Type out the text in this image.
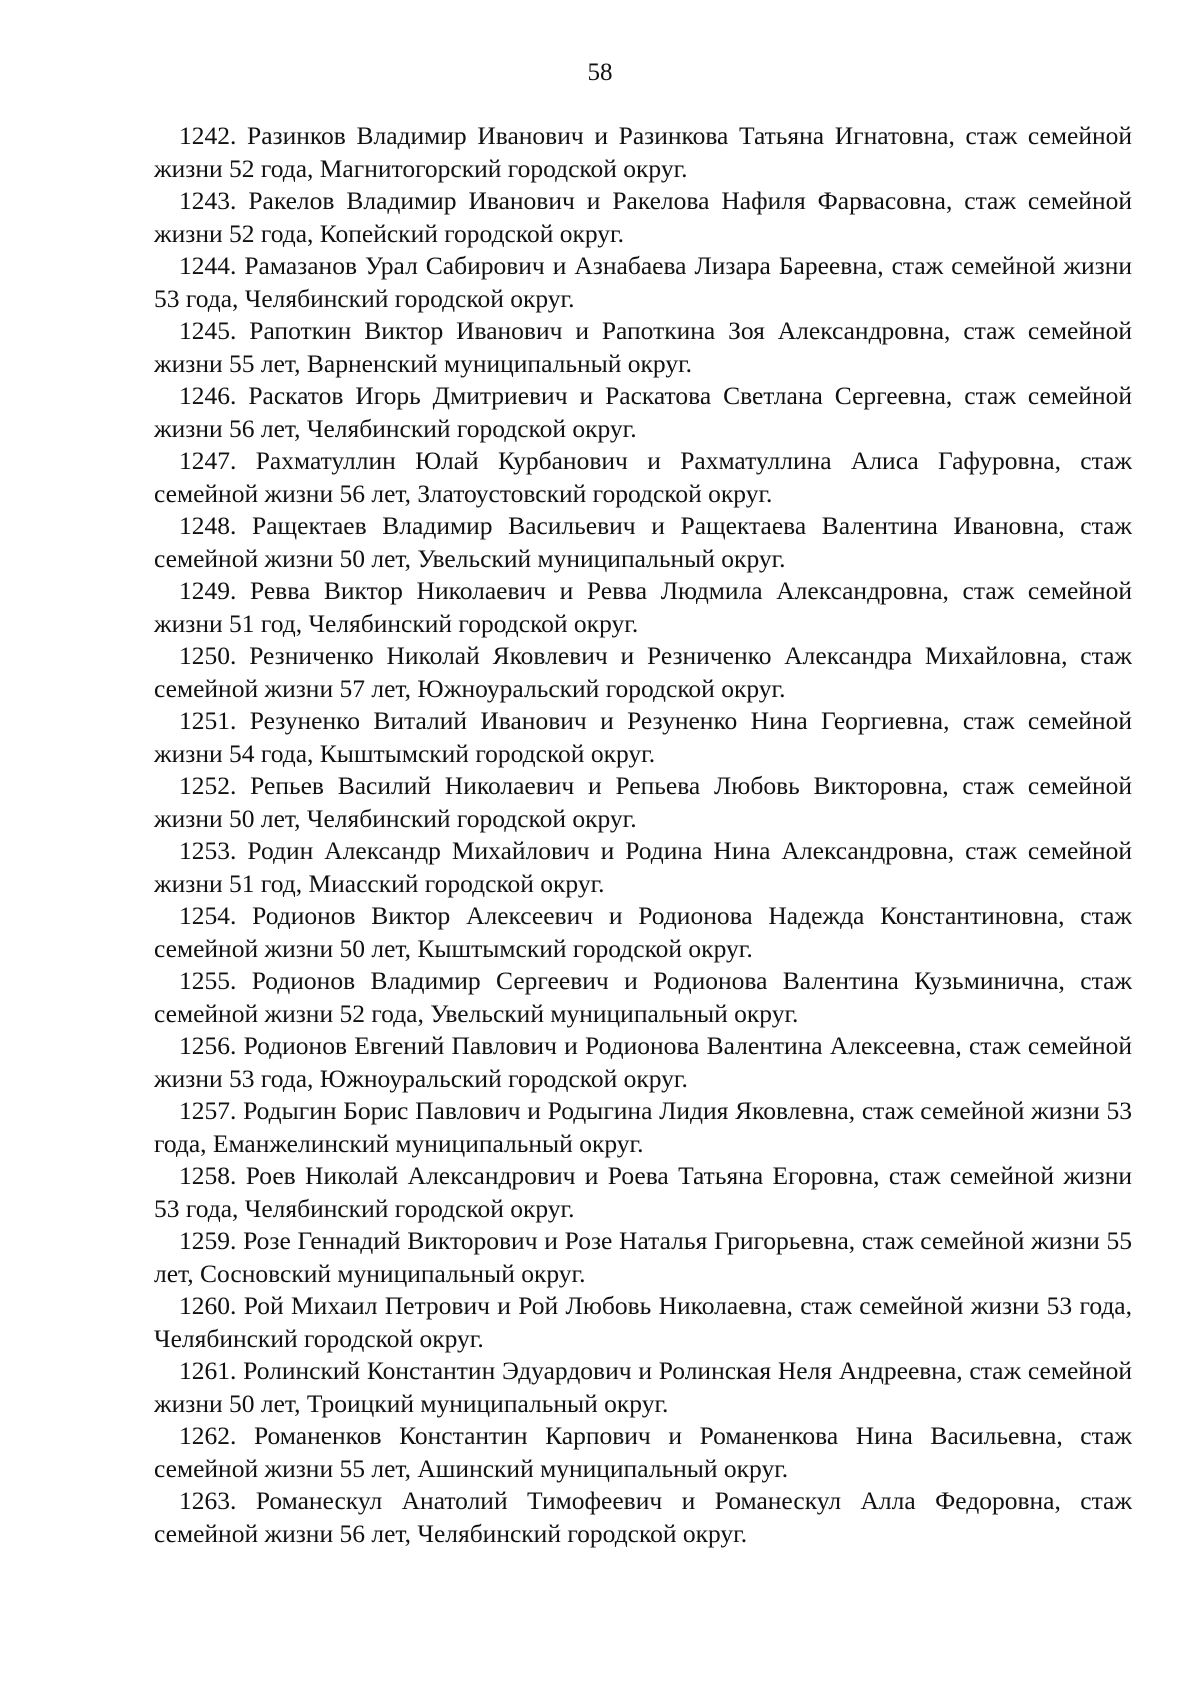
58

1242. Разинков Владимир Иванович и Разинкова Татьяна Игнатовна, стаж семейной жизни 52 года, Магнитогорский городской округ.

1243. Ракелов Владимир Иванович и Ракелова Нафиля Фарвасовна, стаж семейной жизни 52 года, Копейский городской округ.

1244. Рамазанов Урал Сабирович и Азнабаева Лизара Бареевна, стаж семейной жизни 53 года, Челябинский городской округ.

1245. Рапоткин Виктор Иванович и Рапоткина Зоя Александровна, стаж семейной жизни 55 лет, Варненский муниципальный округ.

1246. Раскатов Игорь Дмитриевич и Раскатова Светлана Сергеевна, стаж семейной жизни 56 лет, Челябинский городской округ.

1247. Рахматуллин Юлай Курбанович и Рахматуллина Алиса Гафуровна, стаж семейной жизни 56 лет, Златоустовский городской округ.

1248. Ращектаев Владимир Васильевич и Ращектаева Валентина Ивановна, стаж семейной жизни 50 лет, Увельский муниципальный округ.

1249. Ревва Виктор Николаевич и Ревва Людмила Александровна, стаж семейной жизни 51 год, Челябинский городской округ.

1250. Резниченко Николай Яковлевич и Резниченко Александра Михайловна, стаж семейной жизни 57 лет, Южноуральский городской округ.

1251. Резуненко Виталий Иванович и Резуненко Нина Георгиевна, стаж семейной жизни 54 года, Кыштымский городской округ.

1252. Репьев Василий Николаевич и Репьева Любовь Викторовна, стаж семейной жизни 50 лет, Челябинский городской округ.

1253. Родин Александр Михайлович и Родина Нина Александровна, стаж семейной жизни 51 год, Миасский городской округ.

1254. Родионов Виктор Алексеевич и Родионова Надежда Константиновна, стаж семейной жизни 50 лет, Кыштымский городской округ.

1255. Родионов Владимир Сергеевич и Родионова Валентина Кузьминична, стаж семейной жизни 52 года, Увельский муниципальный округ.

1256. Родионов Евгений Павлович и Родионова Валентина Алексеевна, стаж семейной жизни 53 года, Южноуральский городской округ.

1257. Родыгин Борис Павлович и Родыгина Лидия Яковлевна, стаж семейной жизни 53 года, Еманжелинский муниципальный округ.

1258. Роев Николай Александрович и Роева Татьяна Егоровна, стаж семейной жизни 53 года, Челябинский городской округ.

1259. Розе Геннадий Викторович и Розе Наталья Григорьевна, стаж семейной жизни 55 лет, Сосновский муниципальный округ.

1260. Рой Михаил Петрович и Рой Любовь Николаевна, стаж семейной жизни 53 года, Челябинский городской округ.

1261. Ролинский Константин Эдуардович и Ролинская Неля Андреевна, стаж семейной жизни 50 лет, Троицкий муниципальный округ.

1262. Романенков Константин Карпович и Романенкова Нина Васильевна, стаж семейной жизни 55 лет, Ашинский муниципальный округ.

1263. Романескул Анатолий Тимофеевич и Романескул Алла Федоровна, стаж семейной жизни 56 лет, Челябинский городской округ.
